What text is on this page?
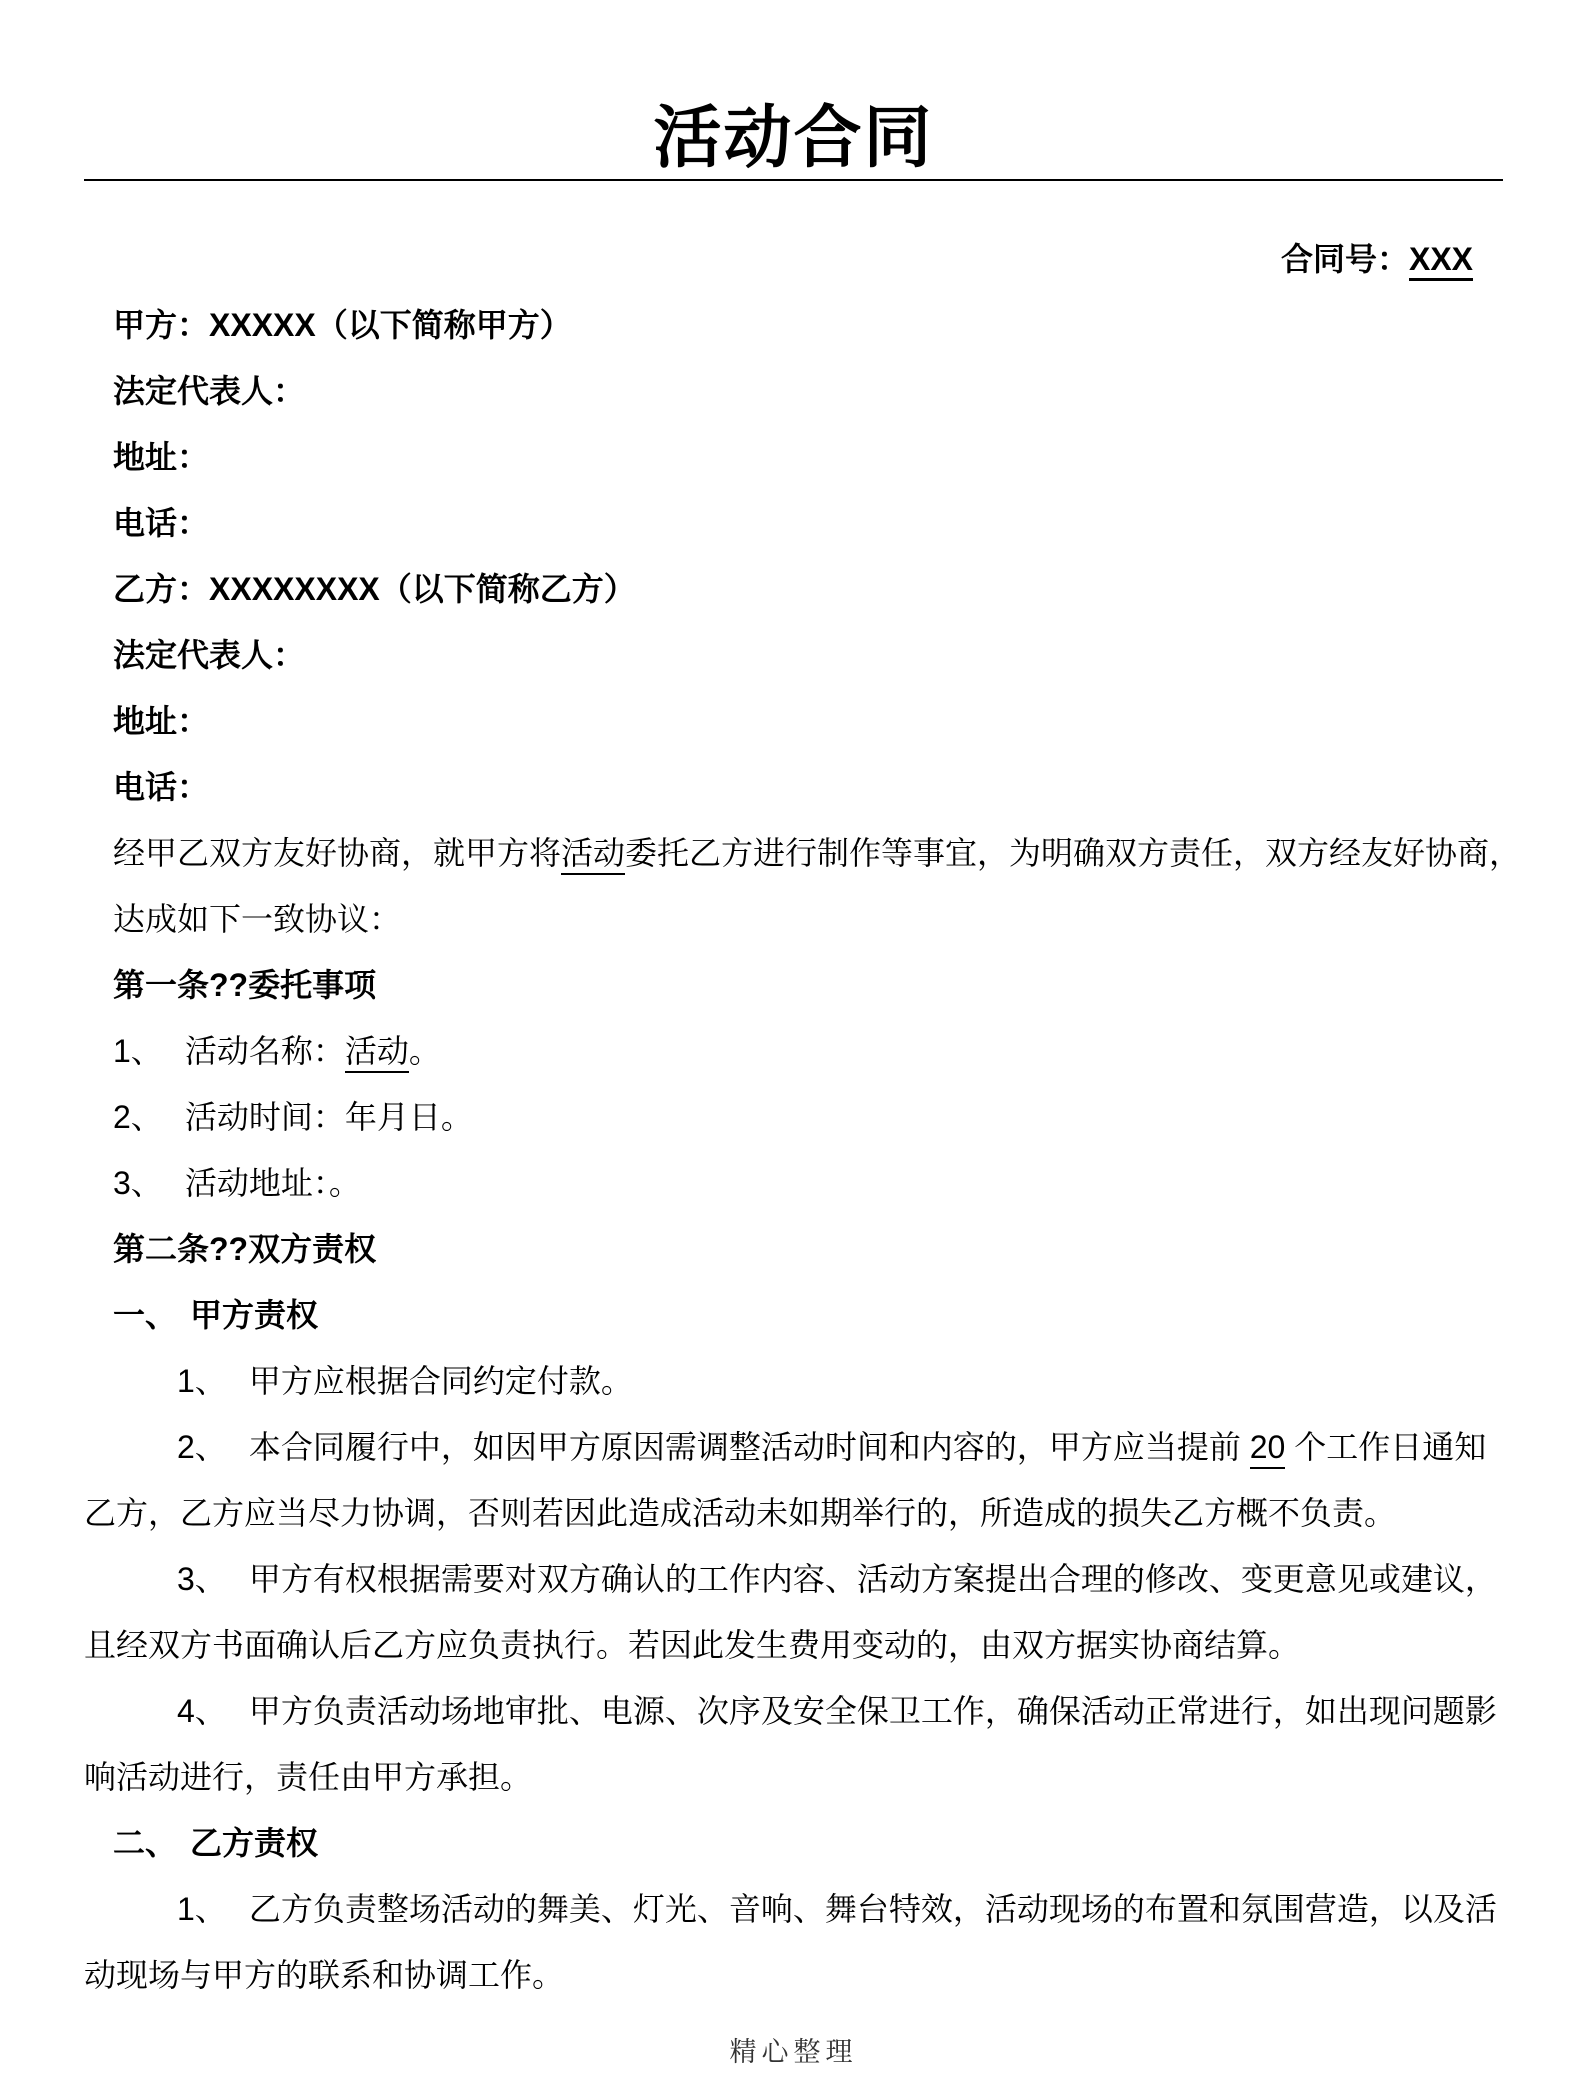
活动合同
合同号：XXX
甲方：XXXXX（以下简称甲方）
法定代表人：
地址：
电话：
乙方：XXXXXXXX（以下简称乙方）
法定代表人：
地址：
电话：
经甲乙双方友好协商，就甲方将活动委托乙方进行制作等事宜，为明确双方责任，双方经友好协商，
达成如下一致协议：
第一条??委托事项
1、 活动名称：活动。
2、 活动时间：年月日。
3、 活动地址：。
第二条??双方责权
一、 甲方责权
1、 甲方应根据合同约定付款。
2、 本合同履行中，如因甲方原因需调整活动时间和内容的，甲方应当提前 20 个工作日通知
乙方，乙方应当尽力协调，否则若因此造成活动未如期举行的，所造成的损失乙方概不负责。
3、 甲方有权根据需要对双方确认的工作内容、活动方案提出合理的修改、变更意见或建议，
且经双方书面确认后乙方应负责执行。若因此发生费用变动的，由双方据实协商结算。
4、 甲方负责活动场地审批、电源、次序及安全保卫工作，确保活动正常进行，如出现问题影
响活动进行，责任由甲方承担。
二、 乙方责权
1、 乙方负责整场活动的舞美、灯光、音响、舞台特效，活动现场的布置和氛围营造，以及活
动现场与甲方的联系和协调工作。
精心整理
